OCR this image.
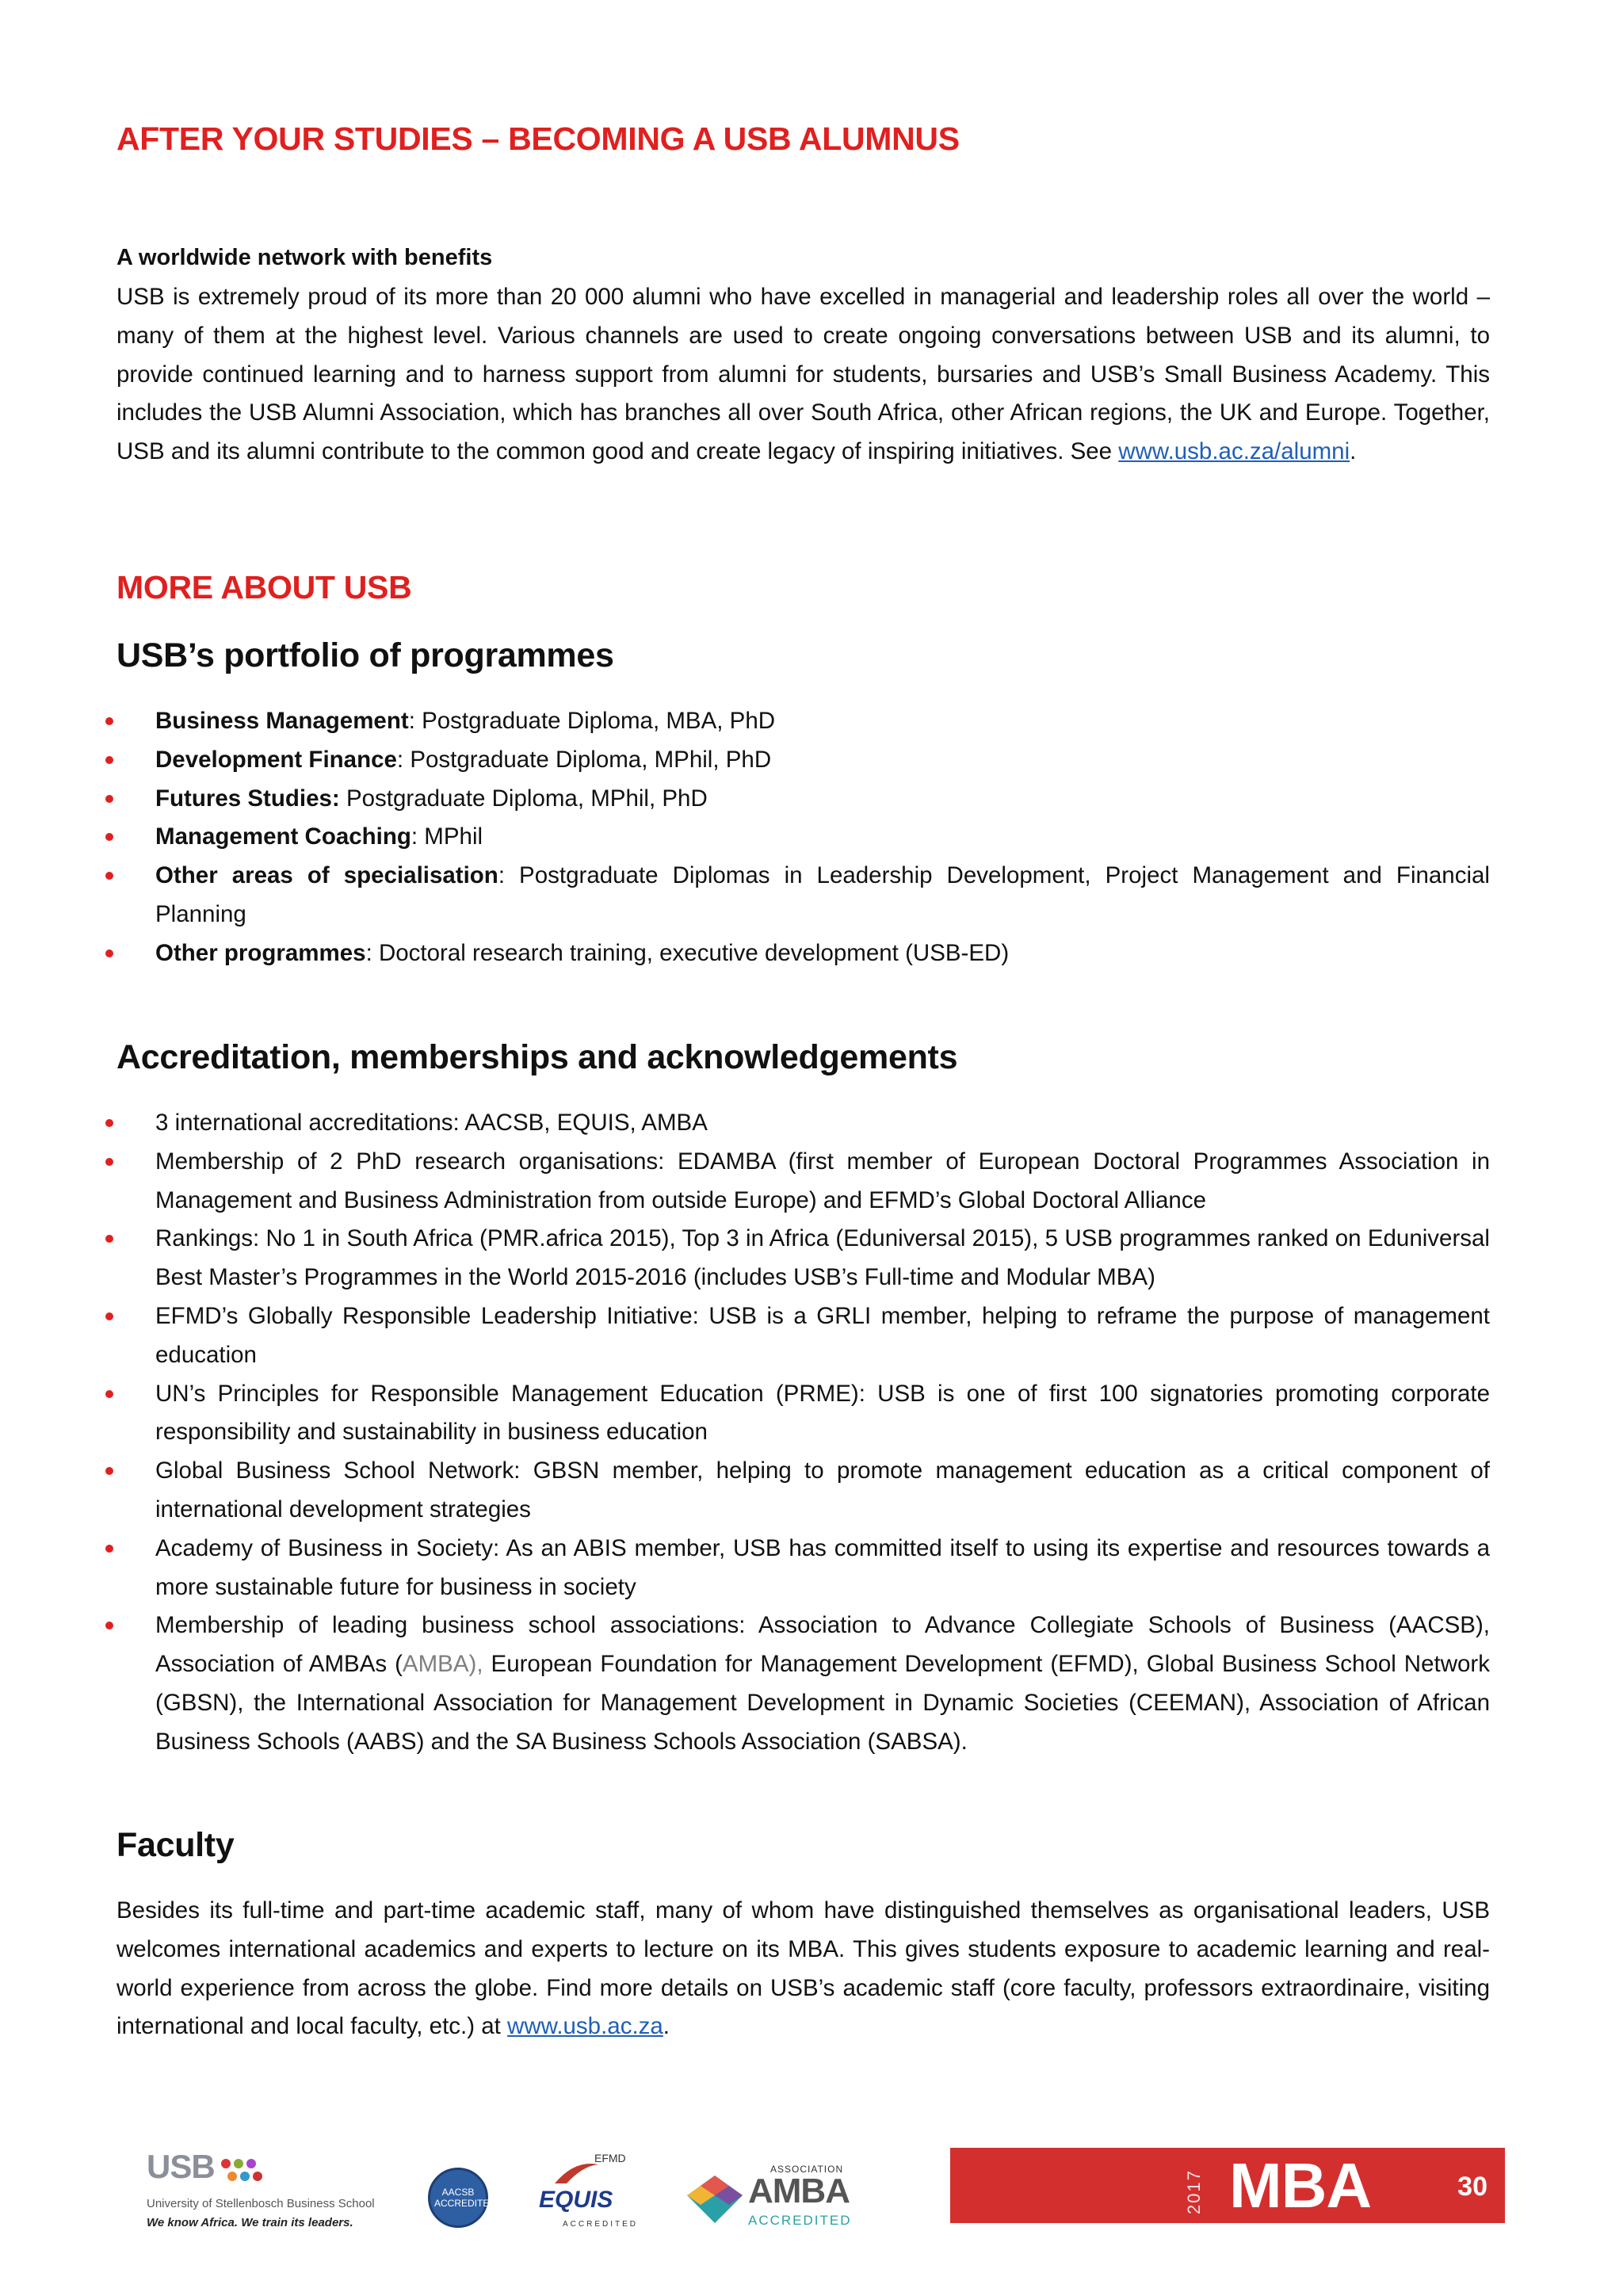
AFTER YOUR STUDIES – BECOMING A USB ALUMNUS

A worldwide network with benefits

USB is extremely proud of its more than 20 000 alumni who have excelled in managerial and leadership roles all over the world – many of them at the highest level. Various channels are used to create ongoing conversations between USB and its alumni, to provide continued learning and to harness support from alumni for students, bursaries and USB’s Small Business Academy. This includes the USB Alumni Association, which has branches all over South Africa, other African regions, the UK and Europe. Together, USB and its alumni contribute to the common good and create legacy of inspiring initiatives. See www.usb.ac.za/alumni.

MORE ABOUT USB
USB’s portfolio of programmes
Business Management: Postgraduate Diploma, MBA, PhD
Development Finance: Postgraduate Diploma, MPhil, PhD
Futures Studies: Postgraduate Diploma, MPhil, PhD
Management Coaching: MPhil
Other areas of specialisation: Postgraduate Diplomas in Leadership Development, Project Management and Financial Planning
Other programmes: Doctoral research training, executive development (USB-ED)
Accreditation, memberships and acknowledgements
3 international accreditations: AACSB, EQUIS, AMBA
Membership of 2 PhD research organisations: EDAMBA (first member of European Doctoral Programmes Association in Management and Business Administration from outside Europe) and EFMD’s Global Doctoral Alliance
Rankings: No 1 in South Africa (PMR.africa 2015), Top 3 in Africa (Eduniversal 2015), 5 USB programmes ranked on Eduniversal Best Master’s Programmes in the World 2015-2016 (includes USB’s Full-time and Modular MBA)
EFMD’s Globally Responsible Leadership Initiative: USB is a GRLI member, helping to reframe the purpose of management education
UN’s Principles for Responsible Management Education (PRME): USB is one of first 100 signatories promoting corporate responsibility and sustainability in business education
Global Business School Network: GBSN member, helping to promote management education as a critical component of international development strategies
Academy of Business in Society: As an ABIS member, USB has committed itself to using its expertise and resources towards a more sustainable future for business in society
Membership of leading business school associations: Association to Advance Collegiate Schools of Business (AACSB), Association of AMBAs (AMBA), European Foundation for Management Development (EFMD), Global Business School Network (GBSN), the International Association for Management Development in Dynamic Societies (CEEMAN), Association of African Business Schools (AABS) and the SA Business Schools Association (SABSA).
Faculty

Besides its full-time and part-time academic staff, many of whom have distinguished themselves as organisational leaders, USB welcomes international academics and experts to lecture on its MBA. This gives students exposure to academic learning and real-world experience from across the globe. Find more details on USB’s academic staff (core faculty, professors extraordinaire, visiting international and local faculty, etc.) at www.usb.ac.za.

USB
University of Stellenbosch Business School
We know Africa. We train its leaders.
AACSB ACCREDITED
EFMD
EQUIS
ACCREDITED
ASSOCIATION
AMBA
ACCREDITED
2017 MBA	30
